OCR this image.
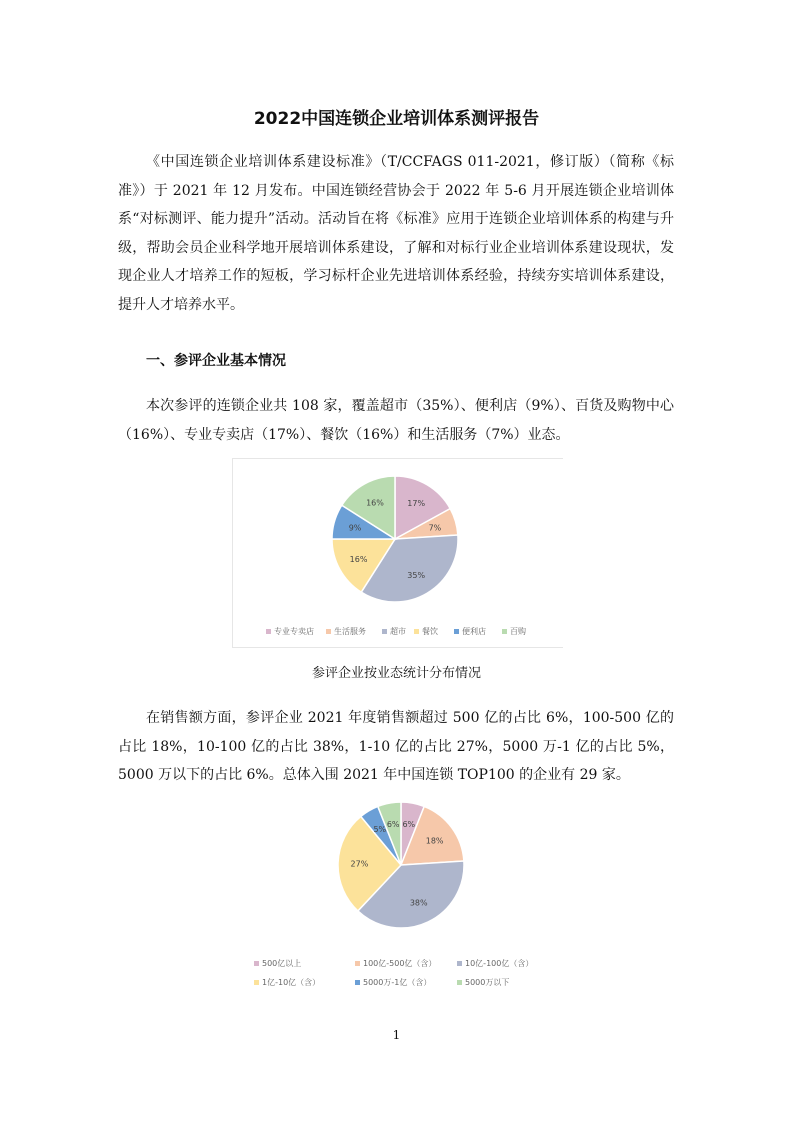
2022中国连锁企业培训体系测评报告

《中国连锁企业培训体系建设标准》（T/CCFAGS 011-2021，修订版）（简称《标准》）于 2021 年 12 月发布。中国连锁经营协会于 2022 年 5-6 月开展连锁企业培训体系“对标测评、能力提升”活动。活动旨在将《标准》应用于连锁企业培训体系的构建与升级，帮助会员企业科学地开展培训体系建设，了解和对标行业企业培训体系建设现状，发现企业人才培养工作的短板，学习标杆企业先进培训体系经验，持续夯实培训体系建设，提升人才培养水平。

一、参评企业基本情况

本次参评的连锁企业共 108 家，覆盖超市（35%）、便利店（9%）、百货及购物中心（16%）、专业专卖店（17%）、餐饮（16%）和生活服务（7%）业态。

17%
7%
35%
16%
9%
16%
专业专卖店	生活服务	超市 餐饮	便利店	百购
参评企业按业态统计分布情况

在销售额方面，参评企业 2021 年度销售额超过 500 亿的占比 6%，100-500 亿的占比 18%，10-100 亿的占比 38%，1-10 亿的占比 27%，5000 万-1 亿的占比 5%，5000 万以下的占比 6%。总体入围 2021 年中国连锁 TOP100 的企业有 29 家。

6%
18%
38%
27%
5%
6%
500亿以上	100亿-500亿（含）	10亿-100亿（含）
1亿-10亿（含）	5000万-1亿（含）	5000万以下
1
